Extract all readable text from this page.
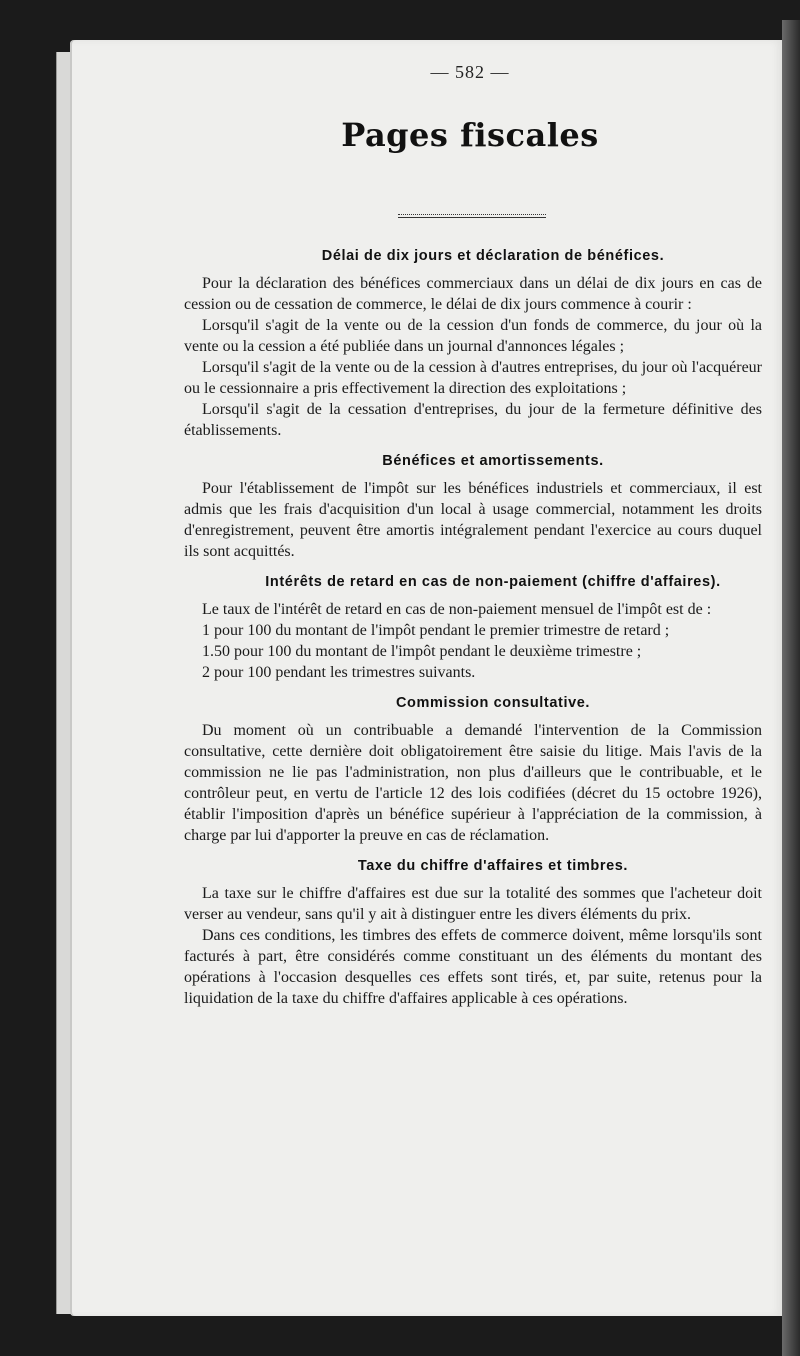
— 582 —
Pages fiscales
Délai de dix jours et déclaration de bénéfices.

Pour la déclaration des bénéfices commerciaux dans un délai de dix jours en cas de cession ou de cessation de commerce, le délai de dix jours commence à courir :

Lorsqu'il s'agit de la vente ou de la cession d'un fonds de commerce, du jour où la vente ou la cession a été publiée dans un journal d'annonces légales ;

Lorsqu'il s'agit de la vente ou de la cession à d'autres entreprises, du jour où l'acquéreur ou le cessionnaire a pris effectivement la direction des exploitations ;

Lorsqu'il s'agit de la cessation d'entreprises, du jour de la fermeture définitive des établissements.

Bénéfices et amortissements.

Pour l'établissement de l'impôt sur les bénéfices industriels et commerciaux, il est admis que les frais d'acquisition d'un local à usage commercial, notamment les droits d'enregistrement, peuvent être amortis intégralement pendant l'exercice au cours duquel ils sont acquittés.

Intérêts de retard en cas de non-paiement (chiffre d'affaires).

Le taux de l'intérêt de retard en cas de non-paiement mensuel de l'impôt est de :

1 pour 100 du montant de l'impôt pendant le premier trimestre de retard ;

1.50 pour 100 du montant de l'impôt pendant le deuxième trimestre ;

2 pour 100 pendant les trimestres suivants.

Commission consultative.

Du moment où un contribuable a demandé l'intervention de la Commission consultative, cette dernière doit obligatoirement être saisie du litige. Mais l'avis de la commission ne lie pas l'administration, non plus d'ailleurs que le contribuable, et le contrôleur peut, en vertu de l'article 12 des lois codifiées (décret du 15 octobre 1926), établir l'imposition d'après un bénéfice supérieur à l'appréciation de la commission, à charge par lui d'apporter la preuve en cas de réclamation.

Taxe du chiffre d'affaires et timbres.

La taxe sur le chiffre d'affaires est due sur la totalité des sommes que l'acheteur doit verser au vendeur, sans qu'il y ait à distinguer entre les divers éléments du prix.

Dans ces conditions, les timbres des effets de commerce doivent, même lorsqu'ils sont facturés à part, être considérés comme constituant un des éléments du montant des opérations à l'occasion desquelles ces effets sont tirés, et, par suite, retenus pour la liquidation de la taxe du chiffre d'affaires applicable à ces opérations.
